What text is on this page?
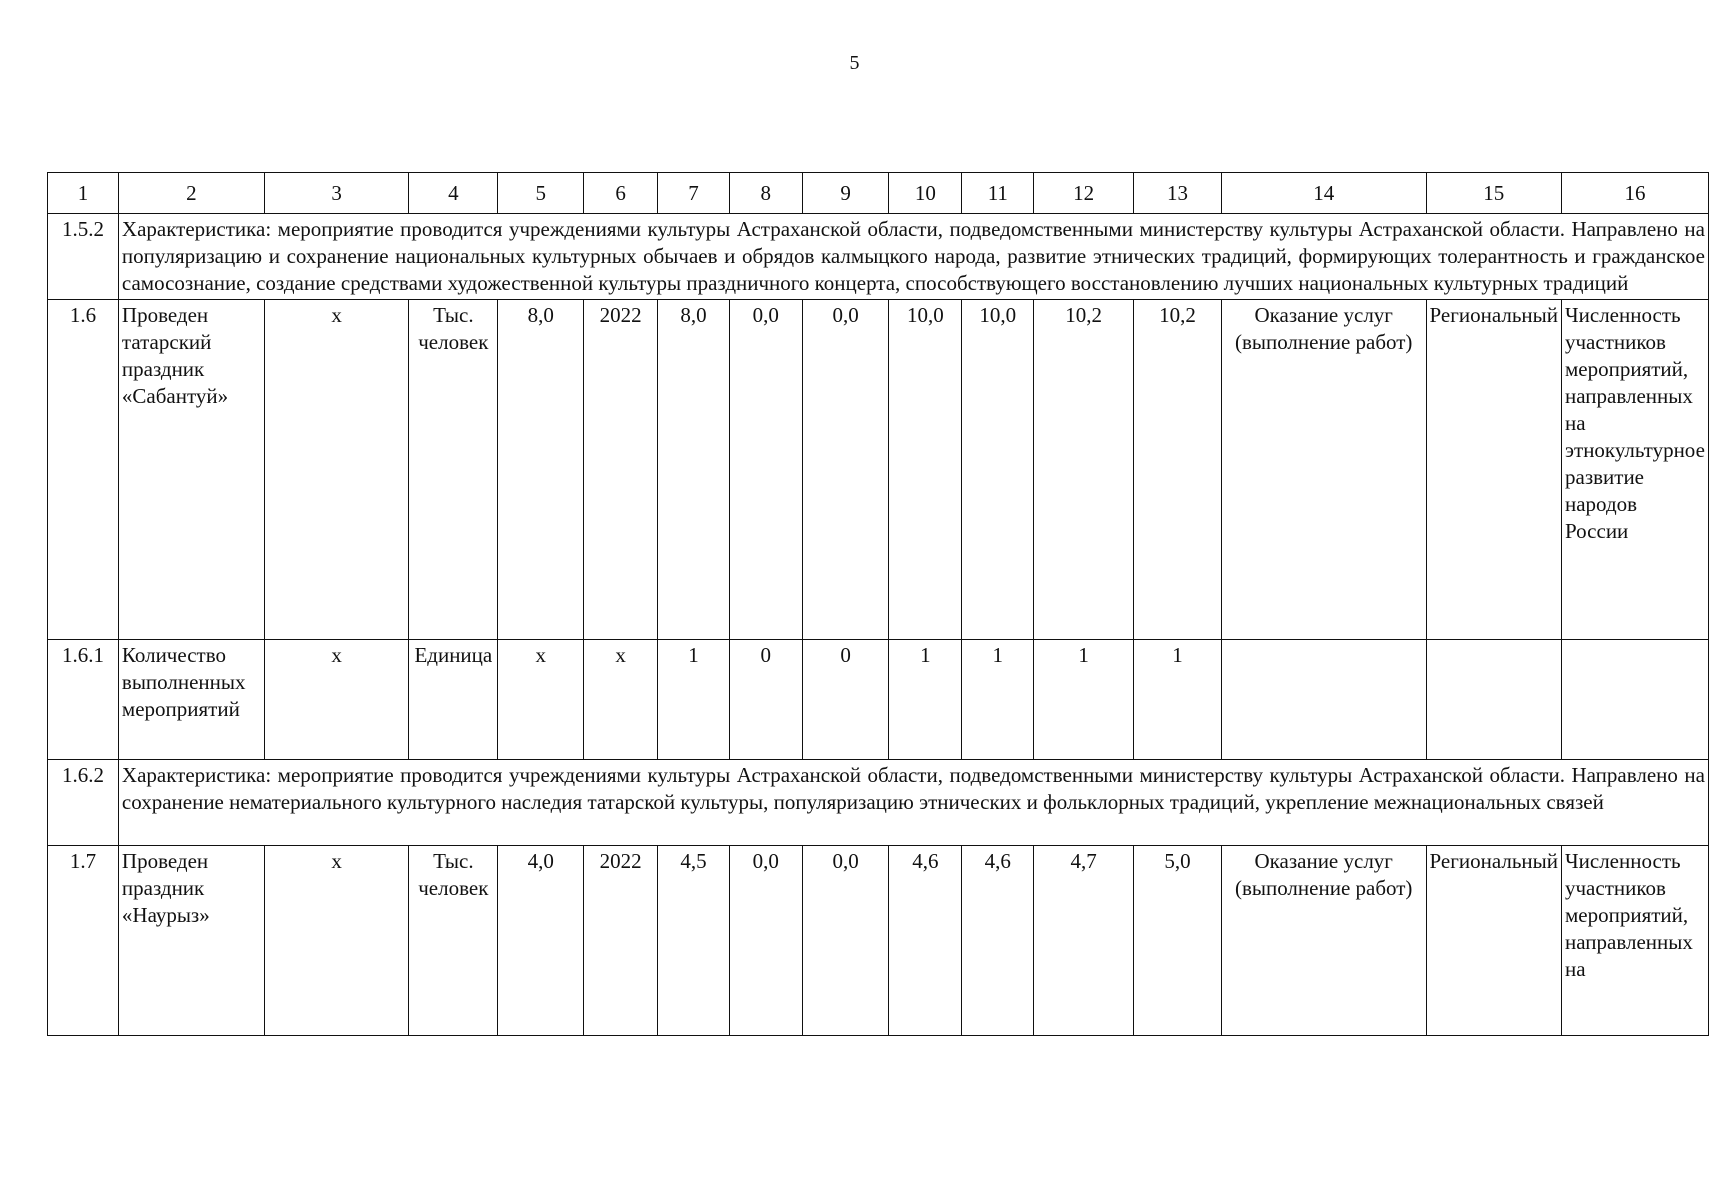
5
1	2	3	4	5	6	7	8	9	10	11	12	13	14	15	16
1.5.2	Характеристика: мероприятие проводится учреждениями культуры Астраханской области, подведомственными министерству культуры Астраханской области. Направлено на популяризацию и сохранение национальных культурных обычаев и обрядов калмыцкого народа, развитие этнических традиций, формирующих толерантность и гражданское самосознание, создание средствами художественной культуры праздничного концерта, способствующего восстановлению лучших национальных культурных традиций														
1.6	Проведен татарский праздник «Сабантуй»	х	Тыс. человек	8,0	2022	8,0	0,0	0,0	10,0	10,0	10,2	10,2	Оказание услуг (выполнение работ)	Региональный	Численность участников мероприятий, направленных на этнокультурное развитие народов России
1.6.1	Количество выполненных мероприятий	х	Единица	х	х	1	0	0	1	1	1	1			
1.6.2	Характеристика: мероприятие проводится учреждениями культуры Астраханской области, подведомственными министерству культуры Астраханской области. Направлено на сохранение нематериального культурного наследия татарской культуры, популяризацию этнических и фольклорных традиций, укрепление межнациональных связей														
1.7	Проведен праздник «Наурыз»	х	Тыс. человек	4,0	2022	4,5	0,0	0,0	4,6	4,6	4,7	5,0	Оказание услуг (выполнение работ)	Региональный	Численность участников мероприятий, направленных на
